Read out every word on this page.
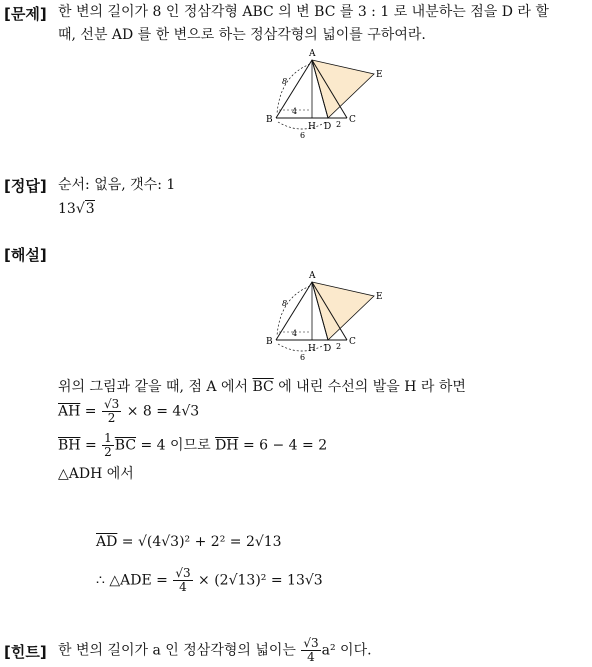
[문제] 한 변의 길이가 8 인 정삼각형 ABC 의 변 BC 를 3 : 1 로 내분하는 점을 D 라 할
때, 선분 AD 를 한 변으로 하는 정삼각형의 넓이를 구하여라.
A
B	C
D
E
H
8
4
6
2
[정답] 순서: 없음, 갯수: 1
13√3
[해설]
A
B	C
D
E
H
8
4
6
2
위의 그림과 같을 때, 점 A 에서 $\overline{BC}$ 에 내린 수선의 발을 H 라 하면
$\overline{AH} = \frac{√3}{2} \times 8 = 4√3$
$\overline{BH} = \frac{1}{2} \overline{BC} = 4$ 이므로 $\overline{DH} = 6 - 4 = 2$
△ADH 에서
$\overline{AD} = √(4√3)^2 + 2^2 = 2√13$
∴ △ADE = $\frac{√3}{4} \times (2√13)^2 = 13√3$
[힌트] 한 변의 길이가 a 인 정삼각형의 넓이는 $\frac{√3}{4} a^2$ 이다.
